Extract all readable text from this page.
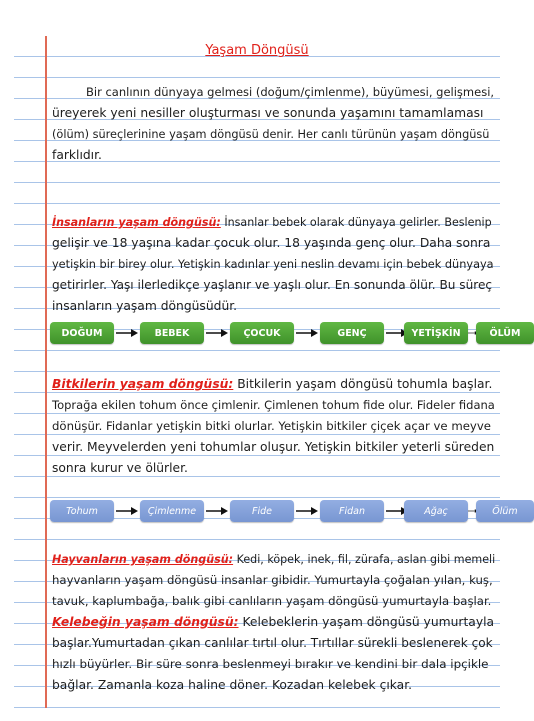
Yaşam Döngüsü
Bir canlının dünyaya gelmesi (doğum/çimlenme), büyümesi, gelişmesi,
üreyerek yeni nesiller oluşturması ve sonunda yaşamını tamamlaması
(ölüm) süreçlerinine yaşam döngüsü denir. Her canlı türünün yaşam döngüsü
farklıdır.
İnsanların yaşam döngüsü: İnsanlar bebek olarak dünyaya gelirler. Beslenip
gelişir ve 18 yaşına kadar çocuk olur. 18 yaşında genç olur. Daha sonra
yetişkin bir birey olur. Yetişkin kadınlar yeni neslin devamı için bebek dünyaya
getirirler. Yaşı ilerledikçe yaşlanır ve yaşlı olur. En sonunda ölür. Bu süreç
insanların yaşam döngüsüdür.
DOĞUM	BEBEK	ÇOCUK	GENÇ	YETİŞKİN	ÖLÜM
Bitkilerin yaşam döngüsü: Bitkilerin yaşam döngüsü tohumla başlar.
Toprağa ekilen tohum önce çimlenir. Çimlenen tohum fide olur. Fideler fidana
dönüşür. Fidanlar yetişkin bitki olurlar. Yetişkin bitkiler çiçek açar ve meyve
verir. Meyvelerden yeni tohumlar oluşur. Yetişkin bitkiler yeterli süreden
sonra kurur ve ölürler.
Tohum	Çimlenme	Fide	Fidan	Ağaç	Ölüm
Hayvanların yaşam döngüsü: Kedi, köpek, inek, fil, zürafa, aslan gibi memeli
hayvanların yaşam döngüsü insanlar gibidir. Yumurtayla çoğalan yılan, kuş,
tavuk, kaplumbağa, balık gibi canlıların yaşam döngüsü yumurtayla başlar.
Kelebeğin yaşam döngüsü: Kelebeklerin yaşam döngüsü yumurtayla
başlar.Yumurtadan çıkan canlılar tırtıl olur. Tırtıllar sürekli beslenerek çok
hızlı büyürler. Bir süre sonra beslenmeyi bırakır ve kendini bir dala ipçikle
bağlar. Zamanla koza haline döner. Kozadan kelebek çıkar.
